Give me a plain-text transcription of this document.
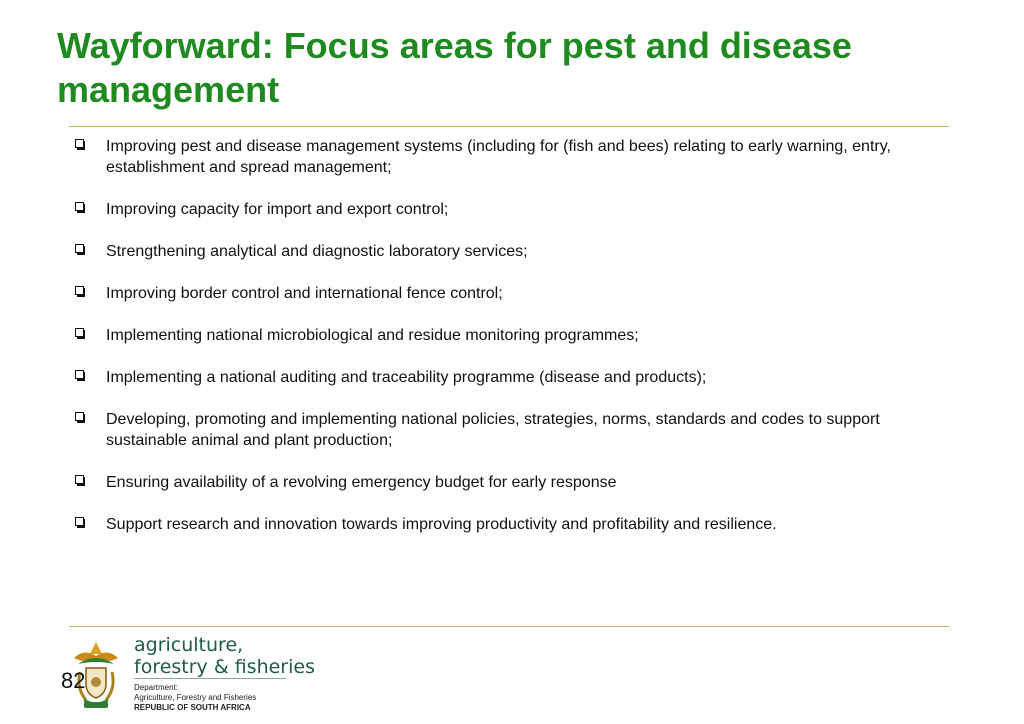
Wayforward: Focus areas for pest and disease management
Improving pest and disease management systems (including for (fish and bees) relating to early warning, entry, establishment and spread management;
Improving capacity for import and export control;
Strengthening analytical and diagnostic laboratory services;
Improving border control and international fence control;
Implementing national microbiological and residue monitoring programmes;
Implementing a national auditing and traceability programme (disease and products);
Developing, promoting and implementing national policies, strategies, norms, standards and codes to support sustainable animal and plant production;
Ensuring availability of a revolving emergency budget for early response
Support research and innovation towards improving productivity and profitability and resilience.
82
agriculture,
forestry & fisheries
Department:
Agriculture, Forestry and Fisheries
REPUBLIC OF SOUTH AFRICA
